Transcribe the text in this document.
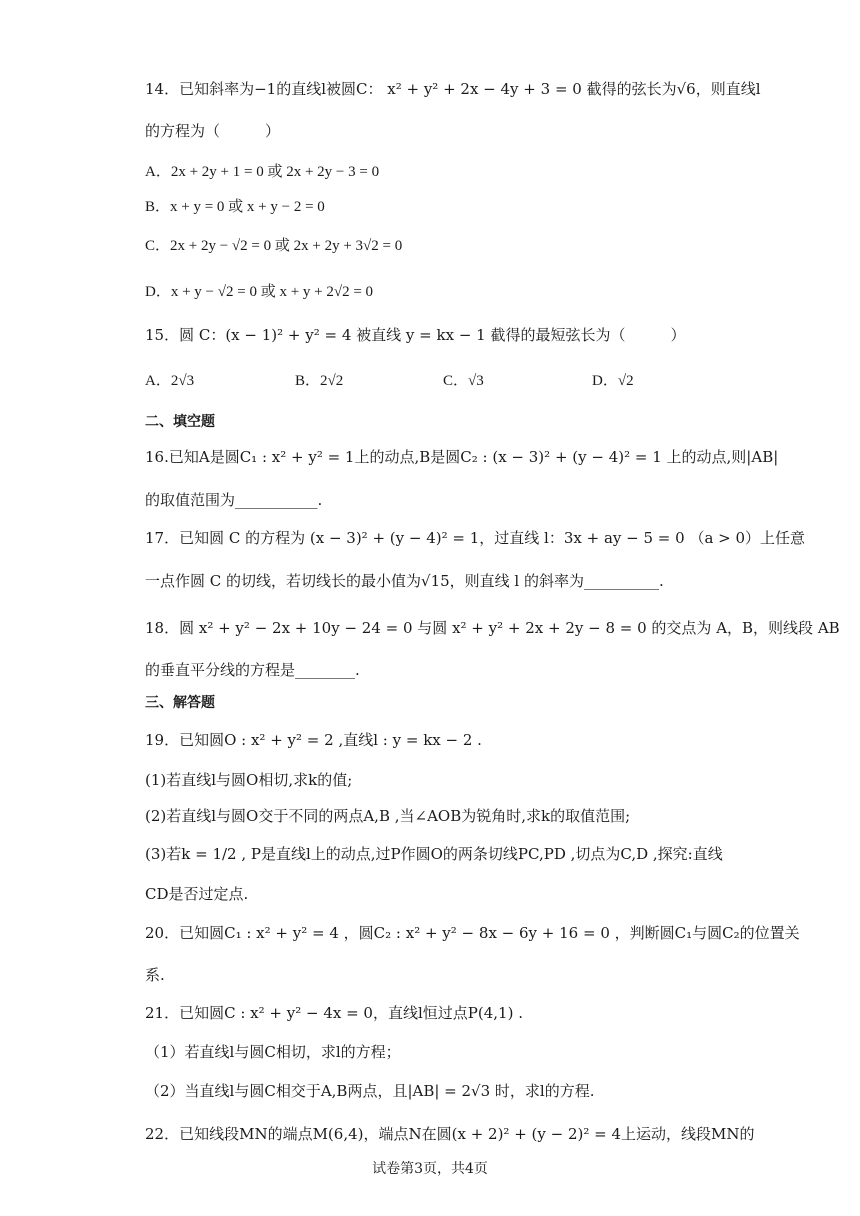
14．已知斜率为−1的直线l被圆C： x² + y² + 2x − 4y + 3 = 0 截得的弦长为√6，则直线l
的方程为（　　　）
A．2x + 2y + 1 = 0 或 2x + 2y − 3 = 0
B．x + y = 0 或 x + y − 2 = 0
C．2x + 2y − √2 = 0 或 2x + 2y + 3√2 = 0
D．x + y − √2 = 0 或 x + y + 2√2 = 0
15．圆 C：(x − 1)² + y² = 4 被直线 y = kx − 1 截得的最短弦长为（　　　）
A．2√3	B．2√2	C．√3	D．√2
二、填空题
16.已知A是圆C₁ : x² + y² = 1上的动点,B是圆C₂ : (x − 3)² + (y − 4)² = 1 上的动点,则|AB|
的取值范围为___________.
17．已知圆 C 的方程为 (x − 3)² + (y − 4)² = 1，过直线 l：3x + ay − 5 = 0 （a > 0）上任意
一点作圆 C 的切线，若切线长的最小值为√15，则直线 l 的斜率为__________.
18．圆 x² + y² − 2x + 10y − 24 = 0 与圆 x² + y² + 2x + 2y − 8 = 0 的交点为 A，B，则线段 AB
的垂直平分线的方程是________.
三、解答题
19．已知圆O : x² + y² = 2 ,直线l : y = kx − 2 .
(1)若直线l与圆O相切,求k的值;
(2)若直线l与圆O交于不同的两点A,B ,当∠AOB为锐角时,求k的取值范围;
(3)若k = 1/2 , P是直线l上的动点,过P作圆O的两条切线PC,PD ,切点为C,D ,探究:直线
CD是否过定点.
20．已知圆C₁ : x² + y² = 4 ，圆C₂ : x² + y² − 8x − 6y + 16 = 0 ，判断圆C₁与圆C₂的位置关
系.
21．已知圆C : x² + y² − 4x = 0，直线l恒过点P(4,1) .
（1）若直线l与圆C相切，求l的方程；
（2）当直线l与圆C相交于A,B两点，且|AB| = 2√3 时，求l的方程.
22．已知线段MN的端点M(6,4)，端点N在圆(x + 2)² + (y − 2)² = 4上运动，线段MN的
试卷第3页，共4页
